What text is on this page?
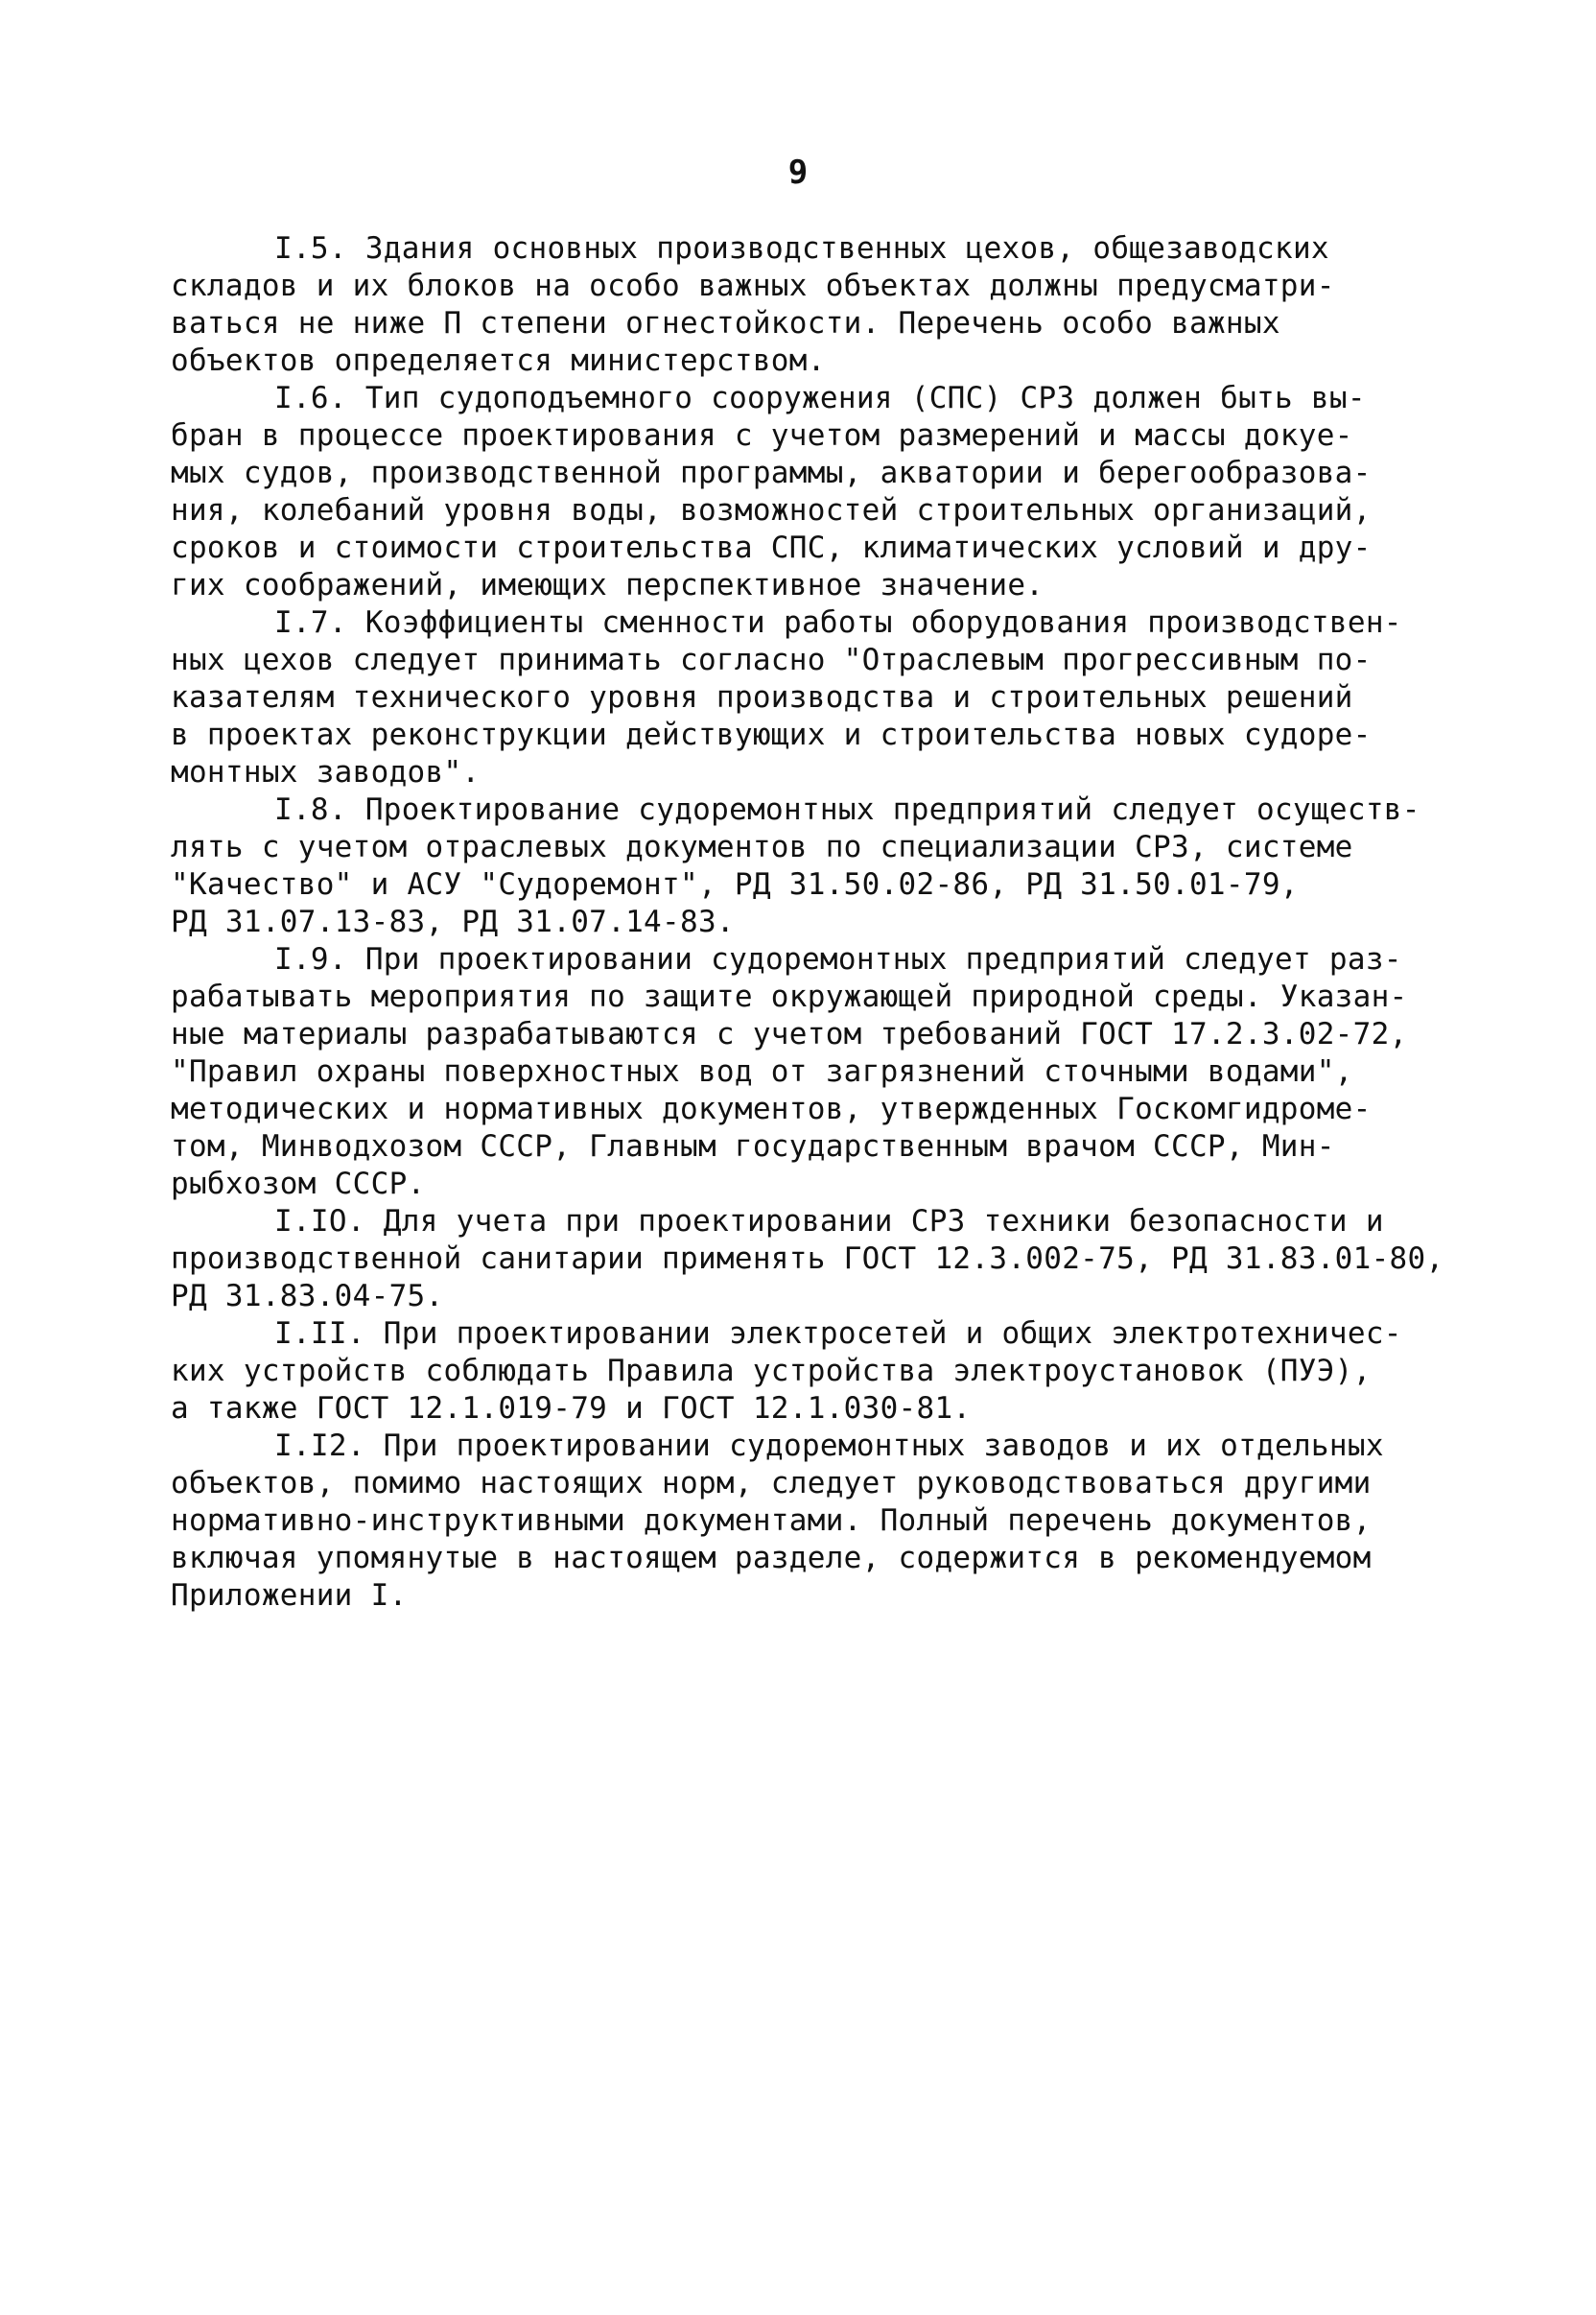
9
I.5. Здания основных производственных цехов, общезаводских
складов и их блоков на особо важных объектах должны предусматри-
ваться не ниже П степени огнестойкости. Перечень особо важных
объектов определяется министерством.
I.6. Тип судоподъемного сооружения (СПС) СРЗ должен быть вы-
бран в процессе проектирования с учетом размерений и массы докуе-
мых судов, производственной программы, акватории и берегообразова-
ния, колебаний уровня воды, возможностей строительных организаций,
сроков и стоимости строительства СПС, климатических условий и дру-
гих соображений, имеющих перспективное значение.
I.7. Коэффициенты сменности работы оборудования производствен-
ных цехов следует принимать согласно "Отраслевым прогрессивным по-
казателям технического уровня производства и строительных решений
в проектах реконструкции действующих и строительства новых судоре-
монтных заводов".
I.8. Проектирование судоремонтных предприятий следует осуществ-
лять с учетом отраслевых документов по специализации СРЗ, системе
"Качество" и АСУ "Судоремонт", РД 31.50.02-86, РД 31.50.01-79,
РД 31.07.13-83, РД 31.07.14-83.
I.9. При проектировании судоремонтных предприятий следует раз-
рабатывать мероприятия по защите окружающей природной среды. Указан-
ные материалы разрабатываются с учетом требований ГОСТ 17.2.3.02-72,
"Правил охраны поверхностных вод от загрязнений сточными водами",
методических и нормативных документов, утвержденных Госкомгидроме-
том, Минводхозом СССР, Главным государственным врачом СССР, Мин-
рыбхозом СССР.
I.IO. Для учета при проектировании СРЗ техники безопасности и
производственной санитарии применять ГОСТ 12.3.002-75, РД 31.83.01-80,
РД 31.83.04-75.
I.II. При проектировании электросетей и общих электротехничес-
ких устройств соблюдать Правила устройства электроустановок (ПУЭ),
а также ГОСТ 12.1.019-79 и ГОСТ 12.1.030-81.
I.I2. При проектировании судоремонтных заводов и их отдельных
объектов, помимо настоящих норм, следует руководствоваться другими
нормативно-инструктивными документами. Полный перечень документов,
включая упомянутые в настоящем разделе, содержится в рекомендуемом
Приложении I.
